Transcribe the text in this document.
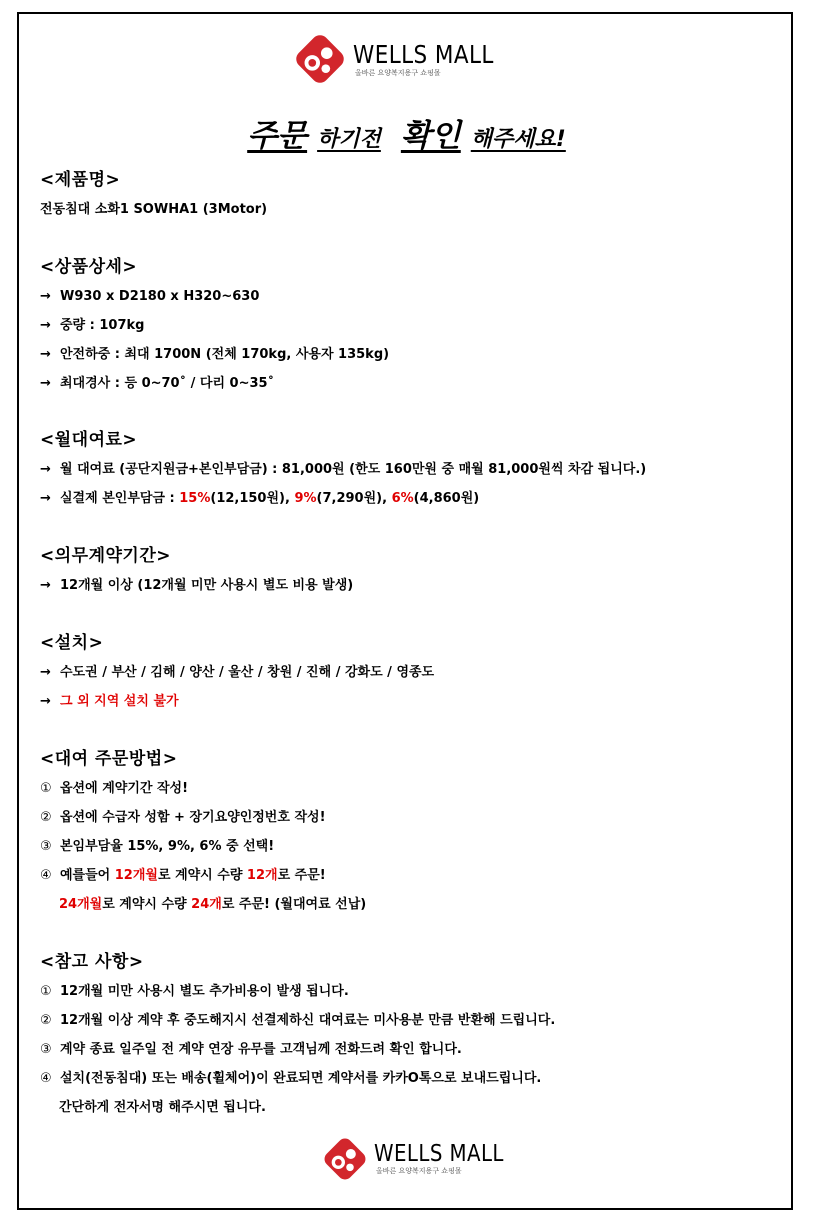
WELLS MALL
올바른 요양복지용구 쇼핑몰
주문 하기전 확인 해주세요!
<제품명>
전동침대 소화1 SOWHA1 (3Motor)
<상품상세>
→ W930 x D2180 x H320~630
→ 중량 : 107kg
→ 안전하중 : 최대 1700N (전체 170kg, 사용자 135kg)
→ 최대경사 : 등 0~70˚ / 다리 0~35˚
<월대여료>
→ 월 대여료 (공단지원금+본인부담금) : 81,000원 (한도 160만원 중 매월 81,000원씩 차감 됩니다.)
→ 실결제 본인부담금 : 15%(12,150원), 9%(7,290원), 6%(4,860원)
<의무계약기간>
→ 12개월 이상 (12개월 미만 사용시 별도 비용 발생)
<설치>
→ 수도권 / 부산 / 김해 / 양산 / 울산 / 창원 / 진해 / 강화도 / 영종도
→ 그 외 지역 설치 불가
<대여 주문방법>
① 옵션에 계약기간 작성!
② 옵션에 수급자 성함 + 장기요양인정번호 작성!
③ 본임부담율 15%, 9%, 6% 중 선택!
④ 예를들어 12개월로 계약시 수량 12개로 주문!
24개월로 계약시 수량 24개로 주문! (월대여료 선납)
<참고 사항>
① 12개월 미만 사용시 별도 추가비용이 발생 됩니다.
② 12개월 이상 계약 후 중도해지시 선결제하신 대여료는 미사용분 만큼 반환해 드립니다.
③ 계약 종료 일주일 전 계약 연장 유무를 고객님께 전화드려 확인 합니다.
④ 설치(전동침대) 또는 배송(휠체어)이 완료되면 계약서를 카카O톡으로 보내드립니다.
간단하게 전자서명 해주시면 됩니다.
WELLS MALL
올바른 요양복지용구 쇼핑몰
